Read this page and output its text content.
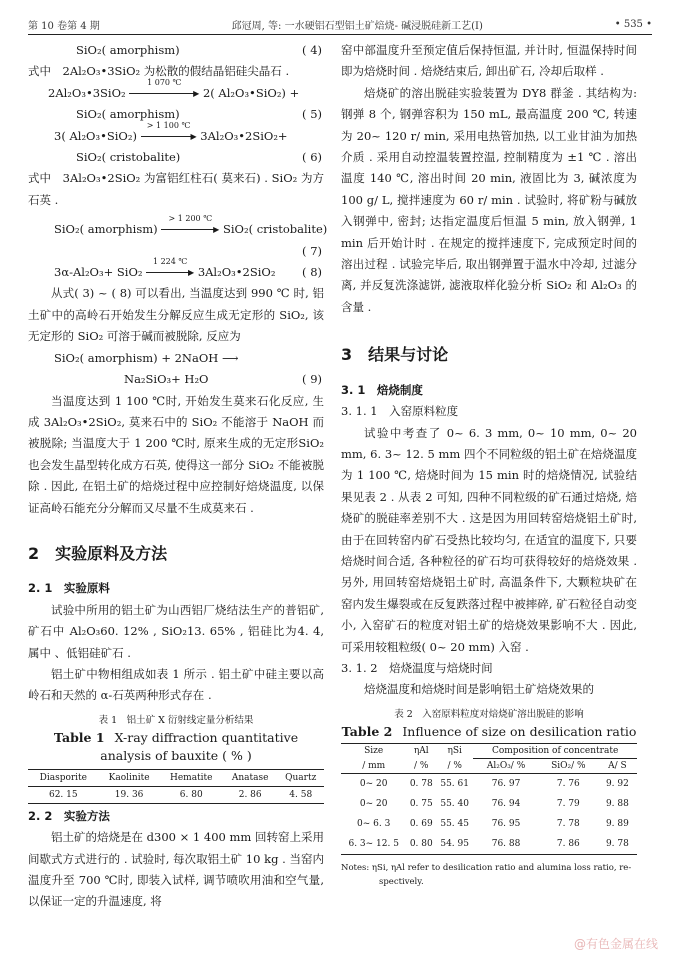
第 10 卷第 4 期	邱冠周, 等: 一水硬铝石型铝土矿焙烧- 碱浸脱硅新工艺(Ⅰ)	• 535 •
SiO₂( amorphism)	( 4)

式中　2Al₂O₃•3SiO₂ 为松散的假结晶铝硅尖晶石 .

2Al₂O₃•3SiO₂
1 070 ℃
▶ 2( Al₂O₃•SiO₂) +
SiO₂( amorphism)	( 5)
3( Al₂O₃•SiO₂)
> 1 100 ℃
▶ 3Al₂O₃•2SiO₂+
SiO₂( cristobalite)	( 6)

式中　3Al₂O₃•2SiO₂ 为富铝红柱石( 莫来石) . SiO₂ 为方石英 .

SiO₂( amorphism)
> 1 200 ℃
▶ SiO₂( cristobalite)
( 7)
3α-Al₂O₃+ SiO₂
1 224 ℃
▶ 3Al₂O₃•2SiO₂ ( 8)

从式( 3) ~ ( 8) 可以看出, 当温度达到 990 ℃ 时, 铝土矿中的高岭石开始发生分解反应生成无定形的 SiO₂, 该无定形的 SiO₂ 可溶于碱而被脱除, 反应为

SiO₂( amorphism) + 2NaOH ⟶
Na₂SiO₃+ H₂O	( 9)

当温度达到 1 100 ℃时, 开始发生莫来石化反应, 生成 3Al₂O₃•2SiO₂, 莫来石中的 SiO₂ 不能溶于 NaOH 而被脱除; 当温度大于 1 200 ℃时, 原来生成的无定形SiO₂也会发生晶型转化成方石英, 使得这一部分 SiO₂ 不能被脱除 . 因此, 在铝土矿的焙烧过程中应控制好焙烧温度, 以保证高岭石能充分分解而又尽量不生成莫来石 .

2　实验原料及方法
2. 1　实验原料

试验中所用的铝土矿为山西铝厂烧结法生产的普铝矿, 矿石中 Al₂O₃60. 12% , SiO₂13. 65% , 铝硅比为4. 4, 属中 、低铝硅矿石 .

铝土矿中物相组成如表 1 所示 . 铝土矿中硅主要以高岭石和天然的 α-石英两种形式存在 .

表 1　铝土矿 X 衍射线定量分析结果
Table 1 X-ray diffraction quantitative analysis of bauxite ( % )
Diasporite	Kaolinite	Hematite	Anatase	Quartz
62. 15	19. 36	6. 80	2. 86	4. 58
2. 2　实验方法

铝土矿的焙烧是在 d300 × 1 400 mm 回转窑上采用间歇式方式进行的 . 试验时, 每次取铝土矿 10 kg . 当窑内温度升至 700 ℃时, 即装入试样, 调节喷吹用油和空气量, 以保证一定的升温速度, 将

窑中部温度升至预定值后保持恒温, 并计时, 恒温保持时间即为焙烧时间 . 焙烧结束后, 卸出矿石, 冷却后取样 .

焙烧矿的溶出脱硅实验装置为 DY8 群釜 . 其结构为: 钢弹 8 个, 钢弹容积为 150 mL, 最高温度 200 ℃, 转速为 20~ 120 r/ min, 采用电热管加热, 以工业甘油为加热介质 . 采用自动控温装置控温, 控制精度为 ±1 ℃ . 溶出温度 140 ℃, 溶出时间 20 min, 液固比为 3, 碱浓度为 100 g/ L, 搅拌速度为 60 r/ min . 试验时, 将矿粉与碱放入钢弹中, 密封; 达指定温度后恒温 5 min, 放入钢弹, 1 min 后开始计时 . 在规定的搅拌速度下, 完成预定时间的溶出过程 . 试验完毕后, 取出钢弹置于温水中冷却, 过滤分离, 并反复洗涤滤饼, 滤液取样化验分析 SiO₂ 和 Al₂O₃ 的含量 .

3　结果与讨论
3. 1　焙烧制度
3. 1. 1　入窑原料粒度

试验中考查了 0~ 6. 3 mm, 0~ 10 mm, 0~ 20 mm, 6. 3~ 12. 5 mm 四个不同粒级的铝土矿在焙烧温度为 1 100 ℃, 焙烧时间为 15 min 时的焙烧情况, 试验结果见表 2 . 从表 2 可知, 四种不同粒级的矿石通过焙烧, 焙烧矿的脱硅率差别不大 . 这是因为用回转窑焙烧铝土矿时, 由于在回转窑内矿石受热比较均匀, 在适宜的温度下, 只要焙烧时间合适, 各种粒径的矿石均可获得较好的焙烧效果 . 另外, 用回转窑焙烧铝土矿时, 高温条件下, 大颗粒块矿在窑内发生爆裂或在反复跌落过程中被摔碎, 矿石粒径自动变小, 入窑矿石的粒度对铝土矿的焙烧效果影响不大 . 因此, 可采用较粗粒级( 0~ 20 mm) 入窑 .

3. 1. 2　焙烧温度与焙烧时间

焙烧温度和焙烧时间是影响铝土矿焙烧效果的

表 2　入窑原料粒度对焙烧矿溶出脱硅的影响
Table 2 Influence of size on desilication ratio
Size	ηAl	ηSi	Composition of concentrate		
/ mm	/ %	/ %	Al₂O₃/ %	SiO₂/ %	A/ S
0~ 20	0. 78	55. 61	76. 97	7. 76	9. 92
0~ 20	0. 75	55. 40	76. 94	7. 79	9. 88
0~ 6. 3	0. 69	55. 45	76. 95	7. 78	9. 89
6. 3~ 12. 5	0. 80	54. 95	76. 88	7. 86	9. 78
Notes: ηSi, ηAl refer to desilication ratio and alumina loss ratio, re-
spectively.
@有色金属在线
